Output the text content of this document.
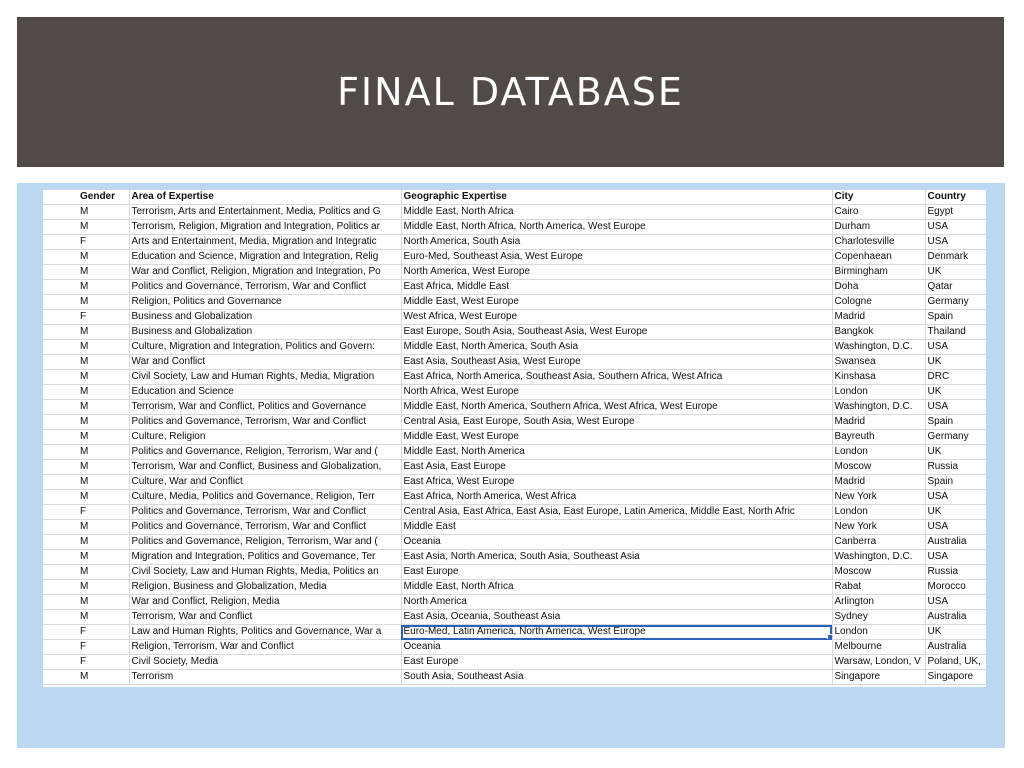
FINAL DATABASE
	Gender	Area of Expertise	Geographic Expertise	City	Country
	M	Terrorism, Arts and Entertainment, Media, Politics and G	Middle East, North Africa	Cairo	Egypt
	M	Terrorism, Religion, Migration and Integration, Politics ar	Middle East, North Africa, North America, West Europe	Durham	USA
	F	Arts and Entertainment, Media, Migration and Integratic	North America, South Asia	Charlotesville	USA
	M	Education and Science, Migration and Integration, Relig	Euro-Med, Southeast Asia, West Europe	Copenhaean	Denmark
	M	War and Conflict, Religion, Migration and Integration, Po	North America, West Europe	Birmingham	UK
	M	Politics and Governance, Terrorism, War and Conflict	East Africa, Middle East	Doha	Qatar
	M	Religion, Politics and Governance	Middle East, West Europe	Cologne	Germany
	F	Business and Globalization	West Africa, West Europe	Madrid	Spain
	M	Business and Globalization	East Europe, South Asia, Southeast Asia, West Europe	Bangkok	Thailand
	M	Culture, Migration and Integration, Politics and Govern:	Middle East, North America, South Asia	Washington, D.C.	USA
	M	War and Conflict	East Asia, Southeast Asia, West Europe	Swansea	UK
	M	Civil Society, Law and Human Rights, Media, Migration	East Africa, North America, Southeast Asia, Southern Africa, West Africa	Kinshasa	DRC
	M	Education and Science	North Africa, West Europe	London	UK
	M	Terrorism, War and Conflict, Politics and Governance	Middle East, North America, Southern Africa, West Africa, West Europe	Washington, D.C.	USA
	M	Politics and Governance, Terrorism, War and Conflict	Central Asia, East Europe, South Asia, West Europe	Madrid	Spain
	M	Culture, Religion	Middle East, West Europe	Bayreuth	Germany
	M	Politics and Governance, Religion, Terrorism, War and (	Middle East, North America	London	UK
	M	Terrorism, War and Conflict, Business and Globalization,	East Asia, East Europe	Moscow	Russia
	M	Culture, War and Conflict	East Africa, West Europe	Madrid	Spain
	M	Culture, Media, Politics and Governance, Religion, Terr	East Africa, North America, West Africa	New York	USA
	F	Politics and Governance, Terrorism, War and Conflict	Central Asia, East Africa, East Asia, East Europe, Latin America, Middle East, North Afric	London	UK
	M	Politics and Governance, Terrorism, War and Conflict	Middle East	New York	USA
	M	Politics and Governance, Religion, Terrorism, War and (	Oceania	Canberra	Australia
	M	Migration and Integration, Politics and Governance, Ter	East Asia, North America, South Asia, Southeast Asia	Washington, D.C.	USA
	M	Civil Society, Law and Human Rights, Media, Politics an	East Europe	Moscow	Russia
	M	Religion, Business and Globalization, Media	Middle East, North Africa	Rabat	Morocco
	M	War and Conflict, Religion, Media	North America	Arlington	USA
	M	Terrorism, War and Conflict	East Asia, Oceania, Southeast Asia	Sydney	Australia
	F	Law and Human Rights, Politics and Governance, War a	Euro-Med, Latin America, North America, West Europe	London	UK
	F	Religion, Terrorism, War and Conflict	Oceania	Melbourne	Australia
	F	Civil Society, Media	East Europe	Warsaw, London, V	Poland, UK,
	M	Terrorism	South Asia, Southeast Asia	Singapore	Singapore
